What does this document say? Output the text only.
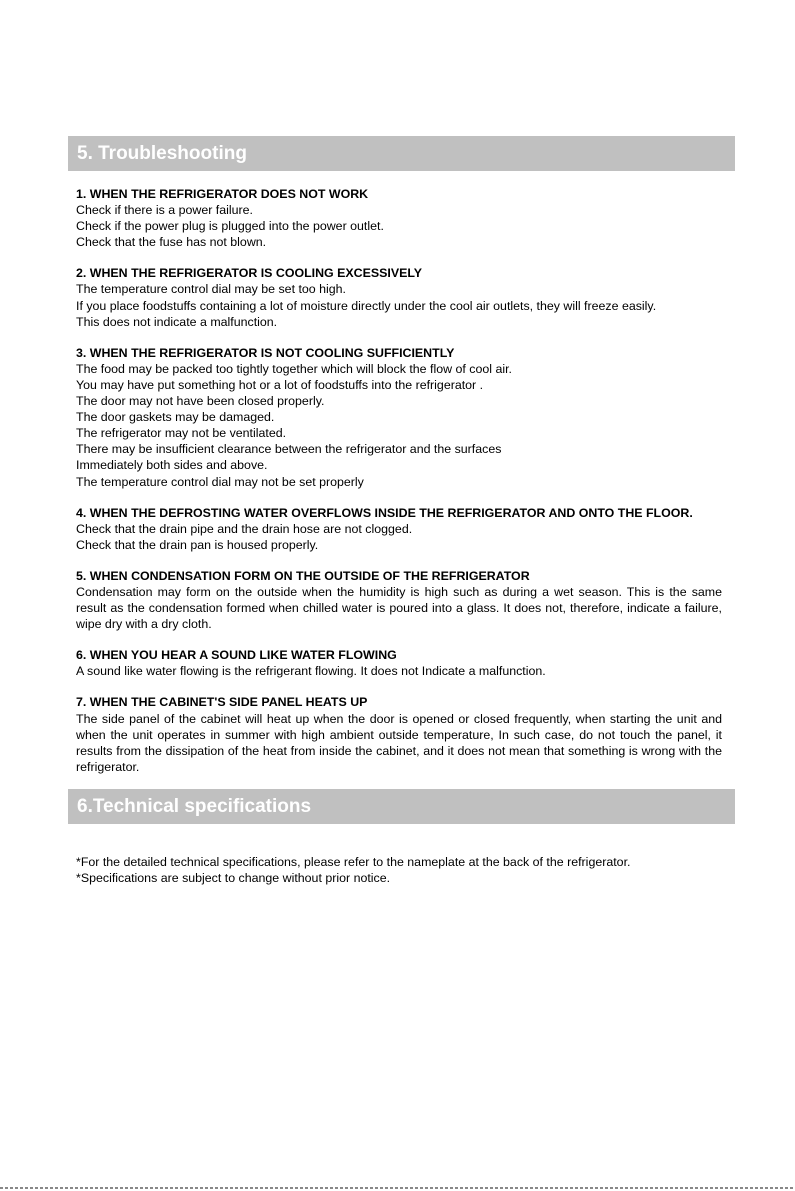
5. Troubleshooting
1. WHEN THE REFRIGERATOR DOES NOT WORK

Check if there is a power failure.

Check if the power plug is plugged into the power outlet.

Check that the fuse has not blown.

2. WHEN THE REFRIGERATOR IS COOLING EXCESSIVELY

The temperature control dial may be set too high.

If you place foodstuffs containing a lot of moisture directly under the cool air outlets, they will freeze easily.

This does not indicate a malfunction.

3. WHEN THE REFRIGERATOR IS NOT COOLING SUFFICIENTLY

The food may be packed too tightly together which will block the flow of cool air.

You may have put something hot or a lot of foodstuffs into the refrigerator .

The door may not have been closed properly.

The door gaskets may be damaged.

The refrigerator may not be ventilated.

There may be insufficient clearance between the refrigerator and the surfaces

Immediately both sides and above.

The temperature control dial may not be set properly

4. WHEN THE DEFROSTING WATER OVERFLOWS INSIDE THE REFRIGERATOR AND ONTO THE FLOOR.

Check that the drain pipe and the drain hose are not clogged.

Check that the drain pan is housed properly.

5. WHEN CONDENSATION FORM ON THE OUTSIDE OF THE REFRIGERATOR

Condensation may form on the outside when the humidity is high such as during a wet season. This is the same result as the condensation formed when chilled water is poured into a glass. It does not, therefore, indicate a failure, wipe dry with a dry cloth.

6. WHEN YOU HEAR A SOUND LIKE WATER FLOWING

A sound like water flowing is the refrigerant flowing. It does not Indicate a malfunction.

7. WHEN THE CABINET'S SIDE PANEL HEATS UP

The side panel of the cabinet will heat up when the door is opened or closed frequently, when starting the unit and when the unit operates in summer with high ambient outside temperature, In such case, do not touch the panel, it results from the dissipation of the heat from inside the cabinet, and it does not mean that something is wrong with the refrigerator.

6.Technical specifications

*For the detailed technical specifications, please refer to the nameplate at the back of the refrigerator.

*Specifications are subject to change without prior notice.
